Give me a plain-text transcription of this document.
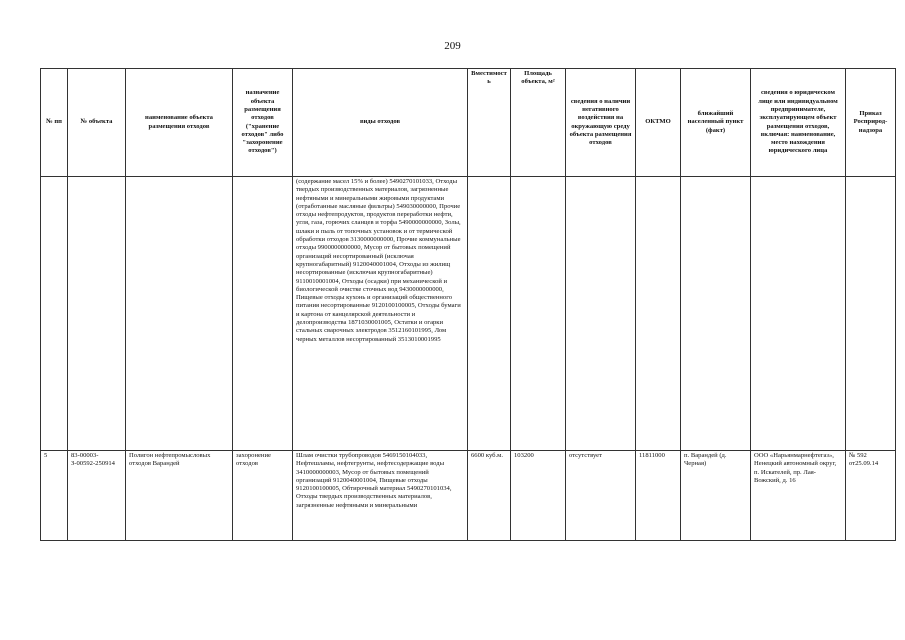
209
№ пп	№ объекта	наименование объекта размещения отходов	назначение объекта размещения отходов ("хранение отходов" либо "захоронение отходов")	виды отходов	Вместимость	Площадь объекта, м²	сведения о наличии негативного воздействия на окружающую среду объекта размещения отходов	ОКТМО	ближайший населенный пункт (факт)	сведения о юридическом лице или индивидуальном предпринимателе, эксплуатирующем объект размещения отходов, включая: наименование, место нахождения юридического лица	Приказ Росприрод-надзора

				(содержание масел 15% и более) 5490270101033, Отходы твердых производственных материалов, загрязненные нефтяными и минеральными жировыми продуктами (отработанные масляные фильтры) 549030000000, Прочие отходы нефтепродуктов, продуктов переработки нефти, угля, газа, горючих сланцев и торфа 5490000000000, Золы, шлаки и пыль от топочных установок и от термической обработки отходов 3130000000000, Прочие коммунальные отходы 9900000000000, Мусор от бытовых помещений организаций несортированный (исключая крупногабаритный) 9120040001004, Отходы из жилищ несортированные (исключая крупногабаритные) 9110010001004, Отходы (осадки) при механической и биологической очистке сточных вод 9430000000000, Пищевые отходы кухонь и организаций общественного питания несортированные 9120100100005, Отходы бумаги и картона от канцелярской деятельности и делопроизводства 1871030001005, Остатки и огарки стальных сварочных электродов 3512160101995, Лом черных металлов несортированный 3513010001995							

5	83-00003-З-00592-250914	Полигон нефтепромысловых отходов Варандей	захоронение отходов	Шлам очистки трубопроводов 5469150104033, Нефтешламы, нефтегрунты, нефтесодержащие воды 3410000000003, Мусор от бытовых помещений организаций 9120040001004, Пищевые отходы 9120100100005, Обтирочный материал 5490270101034, Отходы твердых производственных материалов, загрязненные нефтяными и минеральными	6600 куб.м.	103200	отсутствует	11811000	п. Варандей (д. Черная)	ООО «Нарьянмарнефтегаз», Ненецкий автономный округ, п. Искателей, пр. Лая-Вожский, д. 16	№ 592 от25.09.14
